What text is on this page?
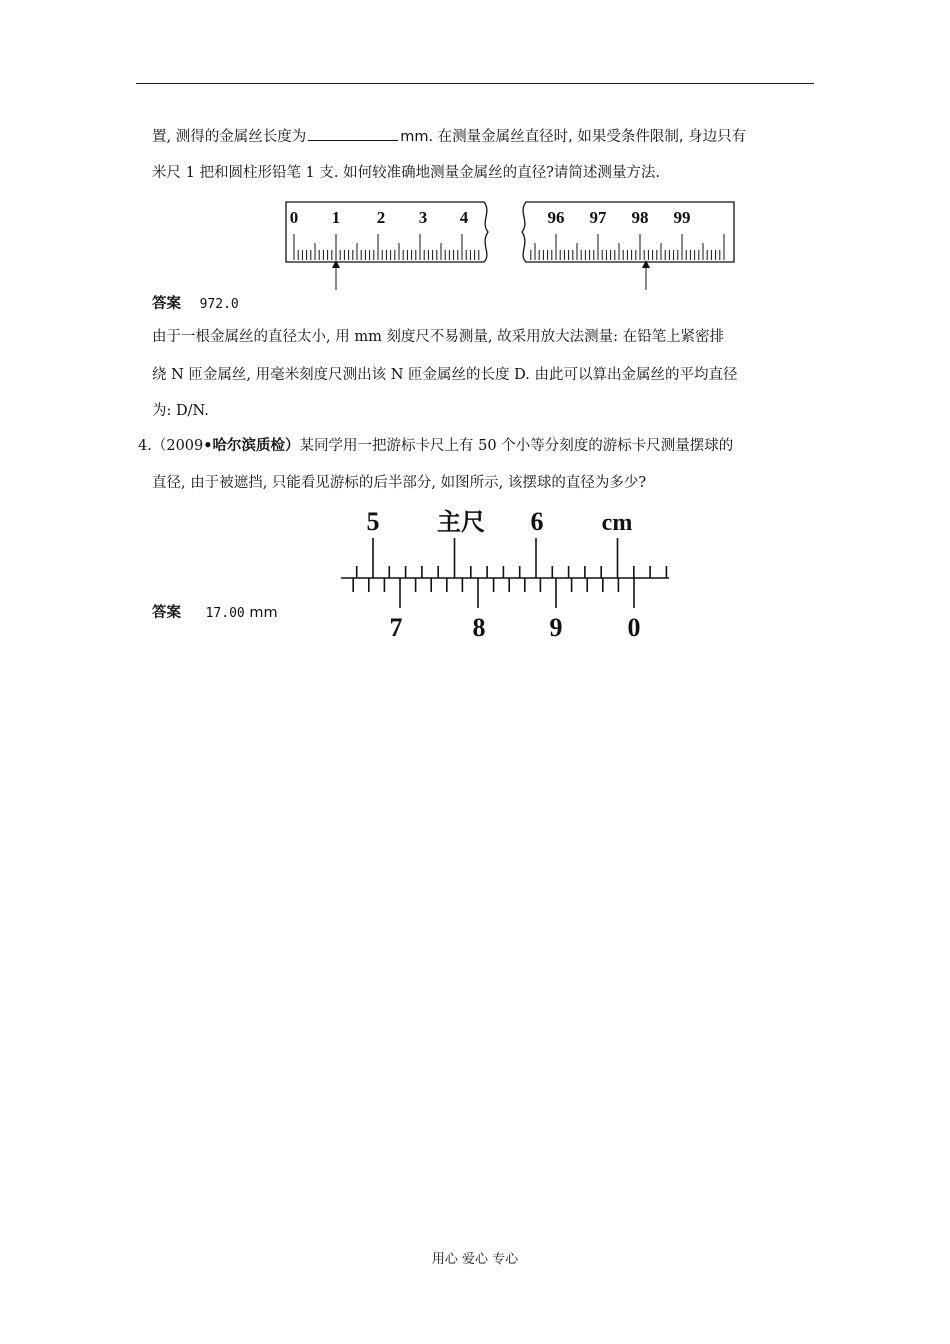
置, 测得的金属丝长度为	mm. 在测量金属丝直径时, 如果受条件限制, 身边只有
米尺 1 把和圆柱形铅笔 1 支. 如何较准确地测量金属丝的直径?请简述测量方法.
0 1 2 3 4	96 97 98 99
答案 972.0
由于一根金属丝的直径太小, 用 mm 刻度尺不易测量, 故采用放大法测量: 在铅笔上紧密排
绕 N 匝金属丝, 用毫米刻度尺测出该 N 匝金属丝的长度 D. 由此可以算出金属丝的平均直径
为: D/N.
4.（2009•哈尔滨质检）某同学用一把游标卡尺上有 50 个小等分刻度的游标卡尺测量摆球的
直径, 由于被遮挡, 只能看见游标的后半部分, 如图所示, 该摆球的直径为多少?
5 主尺 6 cm
7	8 9	0
答案 17.00 mm
用心 爱心 专心
